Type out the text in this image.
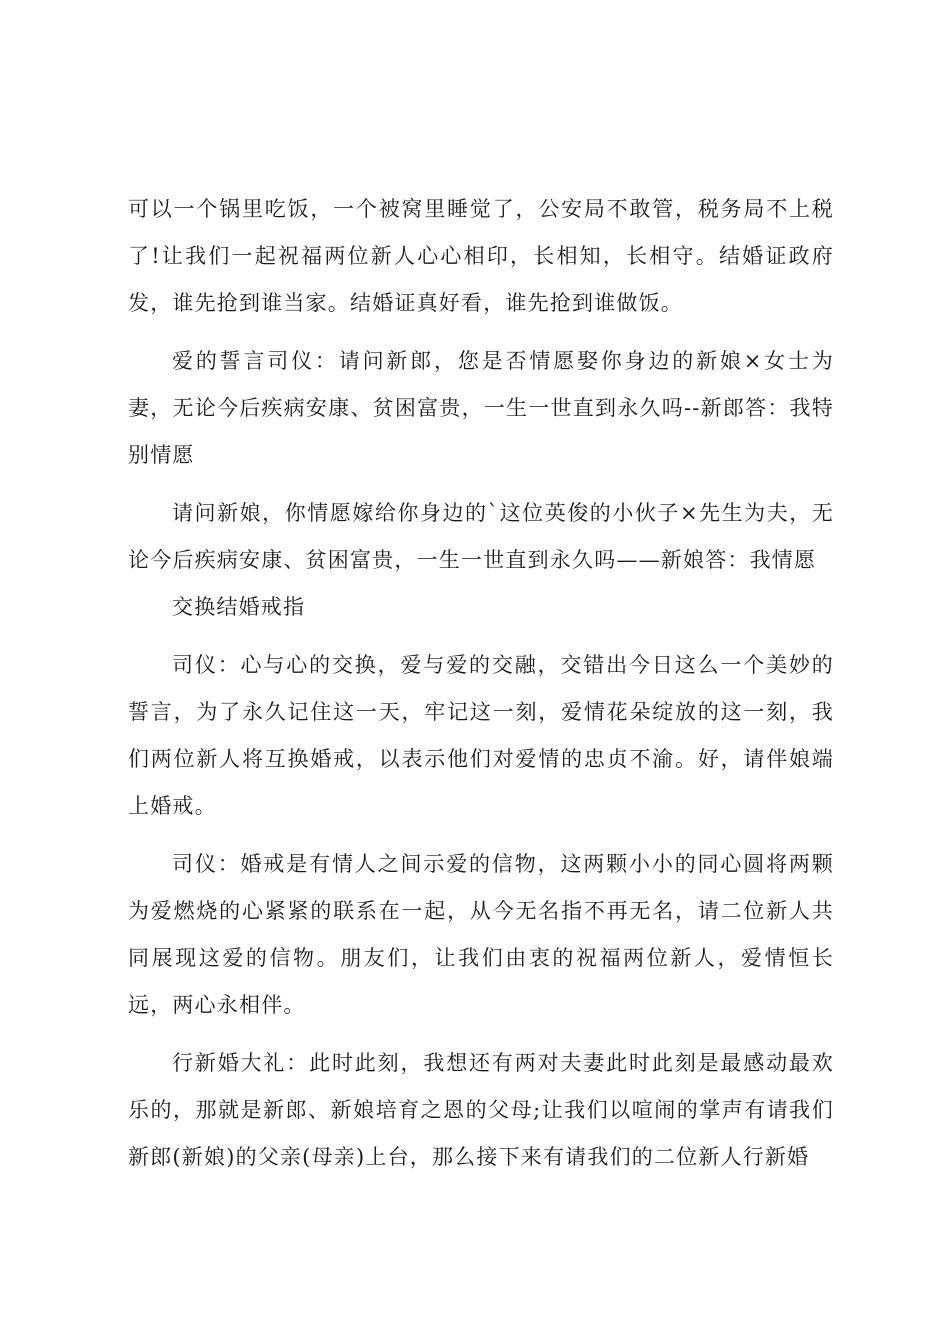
可以一个锅里吃饭，一个被窝里睡觉了，公安局不敢管，税务局不上税了!让我们一起祝福两位新人心心相印，长相知，长相守。结婚证政府发，谁先抢到谁当家。结婚证真好看，谁先抢到谁做饭。

爱的誓言司仪：请问新郎，您是否情愿娶你身边的新娘×女士为妻，无论今后疾病安康、贫困富贵，一生一世直到永久吗--新郎答：我特别情愿

请问新娘，你情愿嫁给你身边的`这位英俊的小伙子×先生为夫，无论今后疾病安康、贫困富贵，一生一世直到永久吗——新娘答：我情愿

交换结婚戒指

司仪：心与心的交换，爱与爱的交融，交错出今日这么一个美妙的誓言，为了永久记住这一天，牢记这一刻，爱情花朵绽放的这一刻，我们两位新人将互换婚戒，以表示他们对爱情的忠贞不渝。好，请伴娘端上婚戒。

司仪：婚戒是有情人之间示爱的信物，这两颗小小的同心圆将两颗为爱燃烧的心紧紧的联系在一起，从今无名指不再无名，请二位新人共同展现这爱的信物。朋友们，让我们由衷的祝福两位新人，爱情恒长远，两心永相伴。

行新婚大礼：此时此刻，我想还有两对夫妻此时此刻是最感动最欢乐的，那就是新郎、新娘培育之恩的父母;让我们以喧闹的掌声有请我们新郎(新娘)的父亲(母亲)上台，那么接下来有请我们的二位新人行新婚
